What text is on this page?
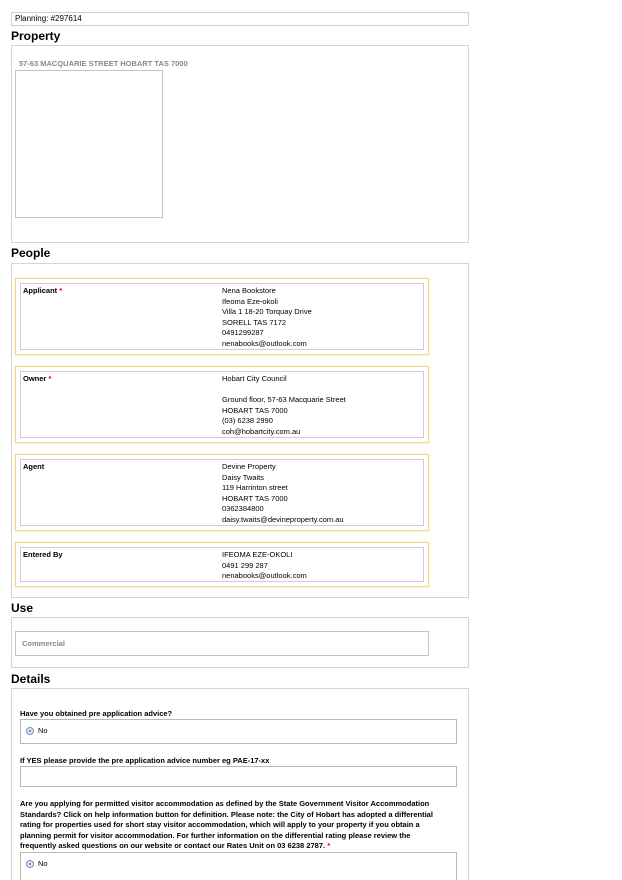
Planning: #297614
Property
57-63 MACQUARIE STREET HOBART TAS 7000
People
Applicant *	Nena Bookstore
Ifeoma Eze-okoli
Villa 1 18-20 Torquay Drive
SORELL TAS 7172
0491299287
nenabooks@outlook.com
Owner *	Hobart City Council
Ground floor, 57-63 Macquarie Street
HOBART TAS 7000
(03) 6238 2990
coh@hobartcity.com.au
Agent	Devine Property
Daisy Twaits
119 Harrinton street
HOBART TAS 7000
0362384800
daisy.twaits@devineproperty.com.au
Entered By	IFEOMA EZE-OKOLI
0491 299 287
nenabooks@outlook.com
Use
Commercial
Details
Have you obtained pre application advice?
No
If YES please provide the pre application advice number eg PAE-17-xx
Are you applying for permitted visitor accommodation as defined by the State Government Visitor Accommodation
Standards? Click on help information button for definition. Please note: the City of Hobart has adopted a differential
rating for properties used for short stay visitor accommodation, which will apply to your property if you obtain a
planning permit for visitor accommodation. For further information on the differential rating please review the
frequently asked questions on our website or contact our Rates Unit on 03 6238 2787. *
No
